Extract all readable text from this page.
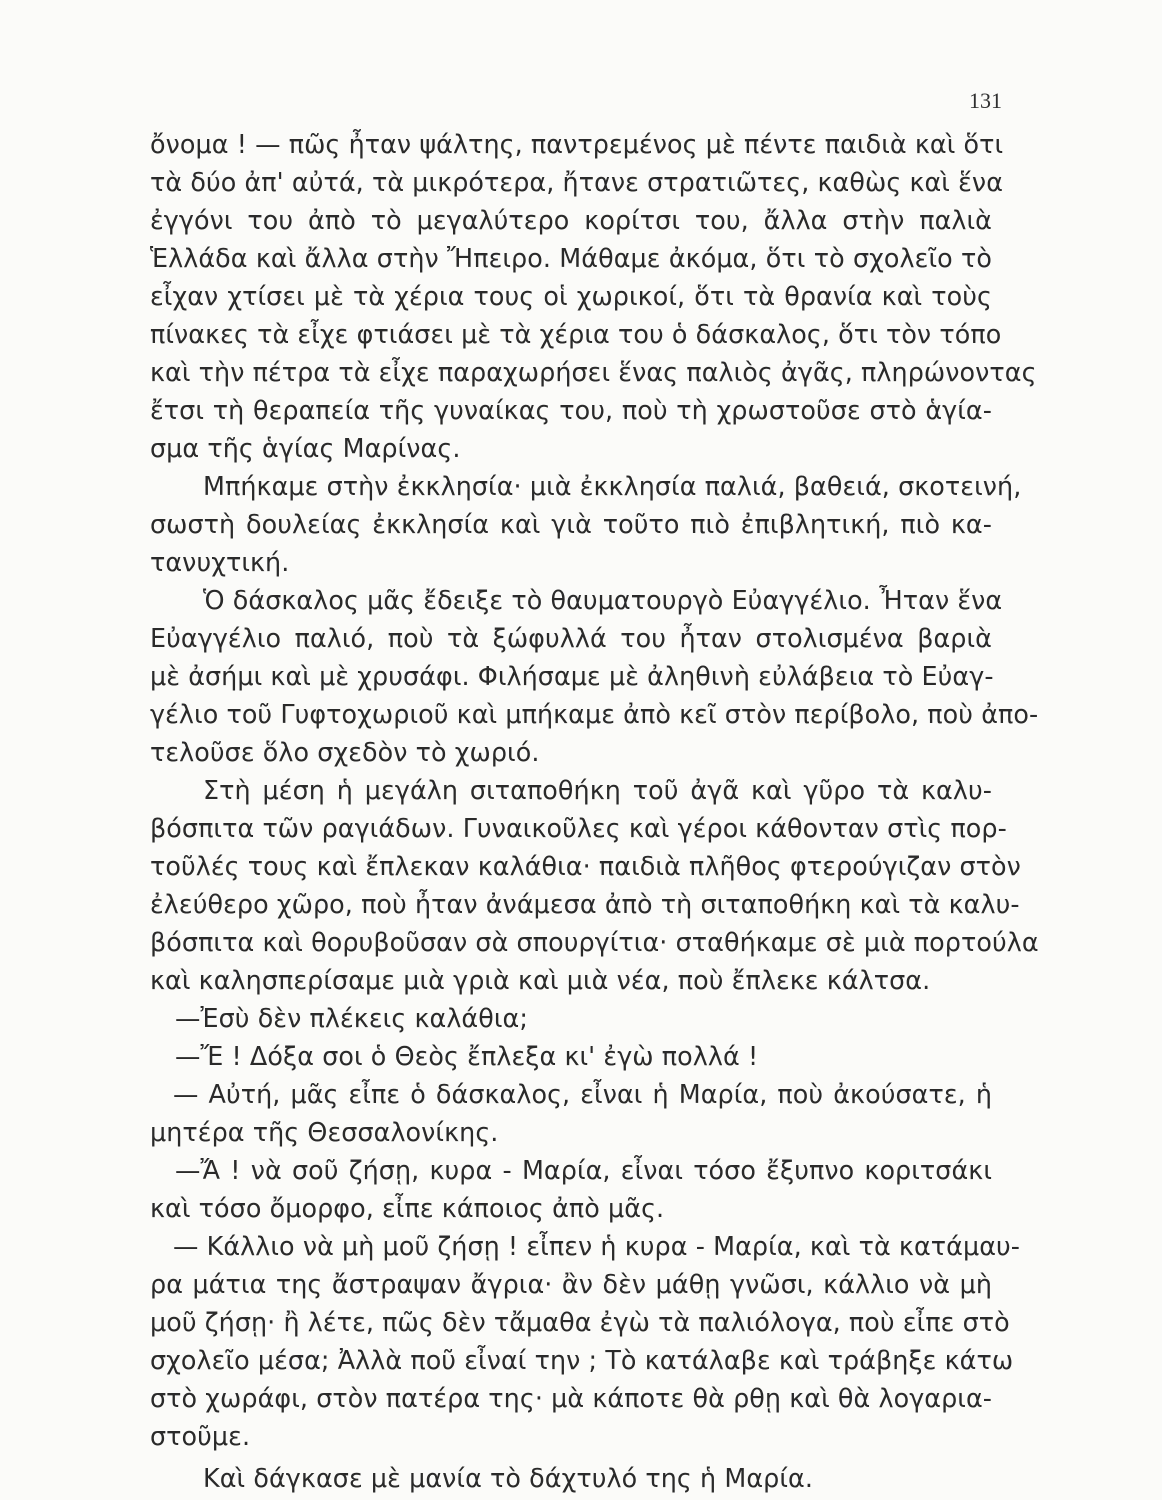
131
ὄνομα ! — πῶς ἦταν ψάλτης, παντρεμένος μὲ πέντε παιδιὰ καὶ ὅτι
τὰ δύο ἀπ' αὐτά, τὰ μικρότερα, ἤτανε στρατιῶτες, καθὼς καὶ ἕνα
ἐγγόνι του ἀπὸ τὸ μεγαλύτερο κορίτσι του, ἄλλα στὴν παλιὰ
Ἑλλάδα καὶ ἄλλα στὴν Ἤπειρο. Μάθαμε ἀκόμα, ὅτι τὸ σχολεῖο τὸ
εἶχαν χτίσει μὲ τὰ χέρια τους οἱ χωρικοί, ὅτι τὰ θρανία καὶ τοὺς
πίνακες τὰ εἶχε φτιάσει μὲ τὰ χέρια του ὁ δάσκαλος, ὅτι τὸν τόπο
καὶ τὴν πέτρα τὰ εἶχε παραχωρήσει ἕνας παλιὸς ἀγᾶς, πληρώνοντας
ἔτσι τὴ θεραπεία τῆς γυναίκας του, ποὺ τὴ χρωστοῦσε στὸ ἁγία-
σμα τῆς ἁγίας Μαρίνας.
Μπήκαμε στὴν ἐκκλησία· μιὰ ἐκκλησία παλιά, βαθειά, σκοτεινή,
σωστὴ δουλείας ἐκκλησία καὶ γιὰ τοῦτο πιὸ ἐπιβλητική, πιὸ κα-
τανυχτική.
Ὁ δάσκαλος μᾶς ἔδειξε τὸ θαυματουργὸ Εὐαγγέλιο. Ἦταν ἕνα
Εὐαγγέλιο παλιό, ποὺ τὰ ξώφυλλά του ἦταν στολισμένα βαριὰ
μὲ ἀσήμι καὶ μὲ χρυσάφι. Φιλήσαμε μὲ ἀληθινὴ εὐλάβεια τὸ Εὐαγ-
γέλιο τοῦ Γυφτοχωριοῦ καὶ μπήκαμε ἀπὸ κεῖ στὸν περίβολο, ποὺ ἀπο-
τελοῦσε ὅλο σχεδὸν τὸ χωριό.
Στὴ μέση ἡ μεγάλη σιταποθήκη τοῦ ἀγᾶ καὶ γῦρο τὰ καλυ-
βόσπιτα τῶν ραγιάδων. Γυναικοῦλες καὶ γέροι κάθονταν στὶς πορ-
τοῦλές τους καὶ ἔπλεκαν καλάθια· παιδιὰ πλῆθος φτερούγιζαν στὸν
ἐλεύθερο χῶρο, ποὺ ἦταν ἀνάμεσα ἀπὸ τὴ σιταποθήκη καὶ τὰ καλυ-
βόσπιτα καὶ θορυβοῦσαν σὰ σπουργίτια· σταθήκαμε σὲ μιὰ πορτούλα
καὶ καλησπερίσαμε μιὰ γριὰ καὶ μιὰ νέα, ποὺ ἔπλεκε κάλτσα.
—Ἐσὺ δὲν πλέκεις καλάθια;
—Ἔ ! Δόξα σοι ὁ Θεὸς ἔπλεξα κι' ἐγὼ πολλά !
— Αὐτή, μᾶς εἶπε ὁ δάσκαλος, εἶναι ἡ Μαρία, ποὺ ἀκούσατε, ἡ
μητέρα τῆς Θεσσαλονίκης.
—Ἄ ! νὰ σοῦ ζήσῃ, κυρα - Μαρία, εἶναι τόσο ἔξυπνο κοριτσάκι
καὶ τόσο ὄμορφο, εἶπε κάποιος ἀπὸ μᾶς.
— Κάλλιο νὰ μὴ μοῦ ζήσῃ ! εἶπεν ἡ κυρα - Μαρία, καὶ τὰ κατάμαυ-
ρα μάτια της ἄστραψαν ἄγρια· ἂν δὲν μάθῃ γνῶσι, κάλλιο νὰ μὴ
μοῦ ζήσῃ· ἢ λέτε, πῶς δὲν τἄμαθα ἐγὼ τὰ παλιόλογα, ποὺ εἶπε στὸ
σχολεῖο μέσα; Ἀλλὰ ποῦ εἶναί την ; Τὸ κατάλαβε καὶ τράβηξε κάτω
στὸ χωράφι, στὸν πατέρα της· μὰ κάποτε θὰ ρθῃ καὶ θὰ λογαρια-
στοῦμε.
Καὶ δάγκασε μὲ μανία τὸ δάχτυλό της ἡ Μαρία.
